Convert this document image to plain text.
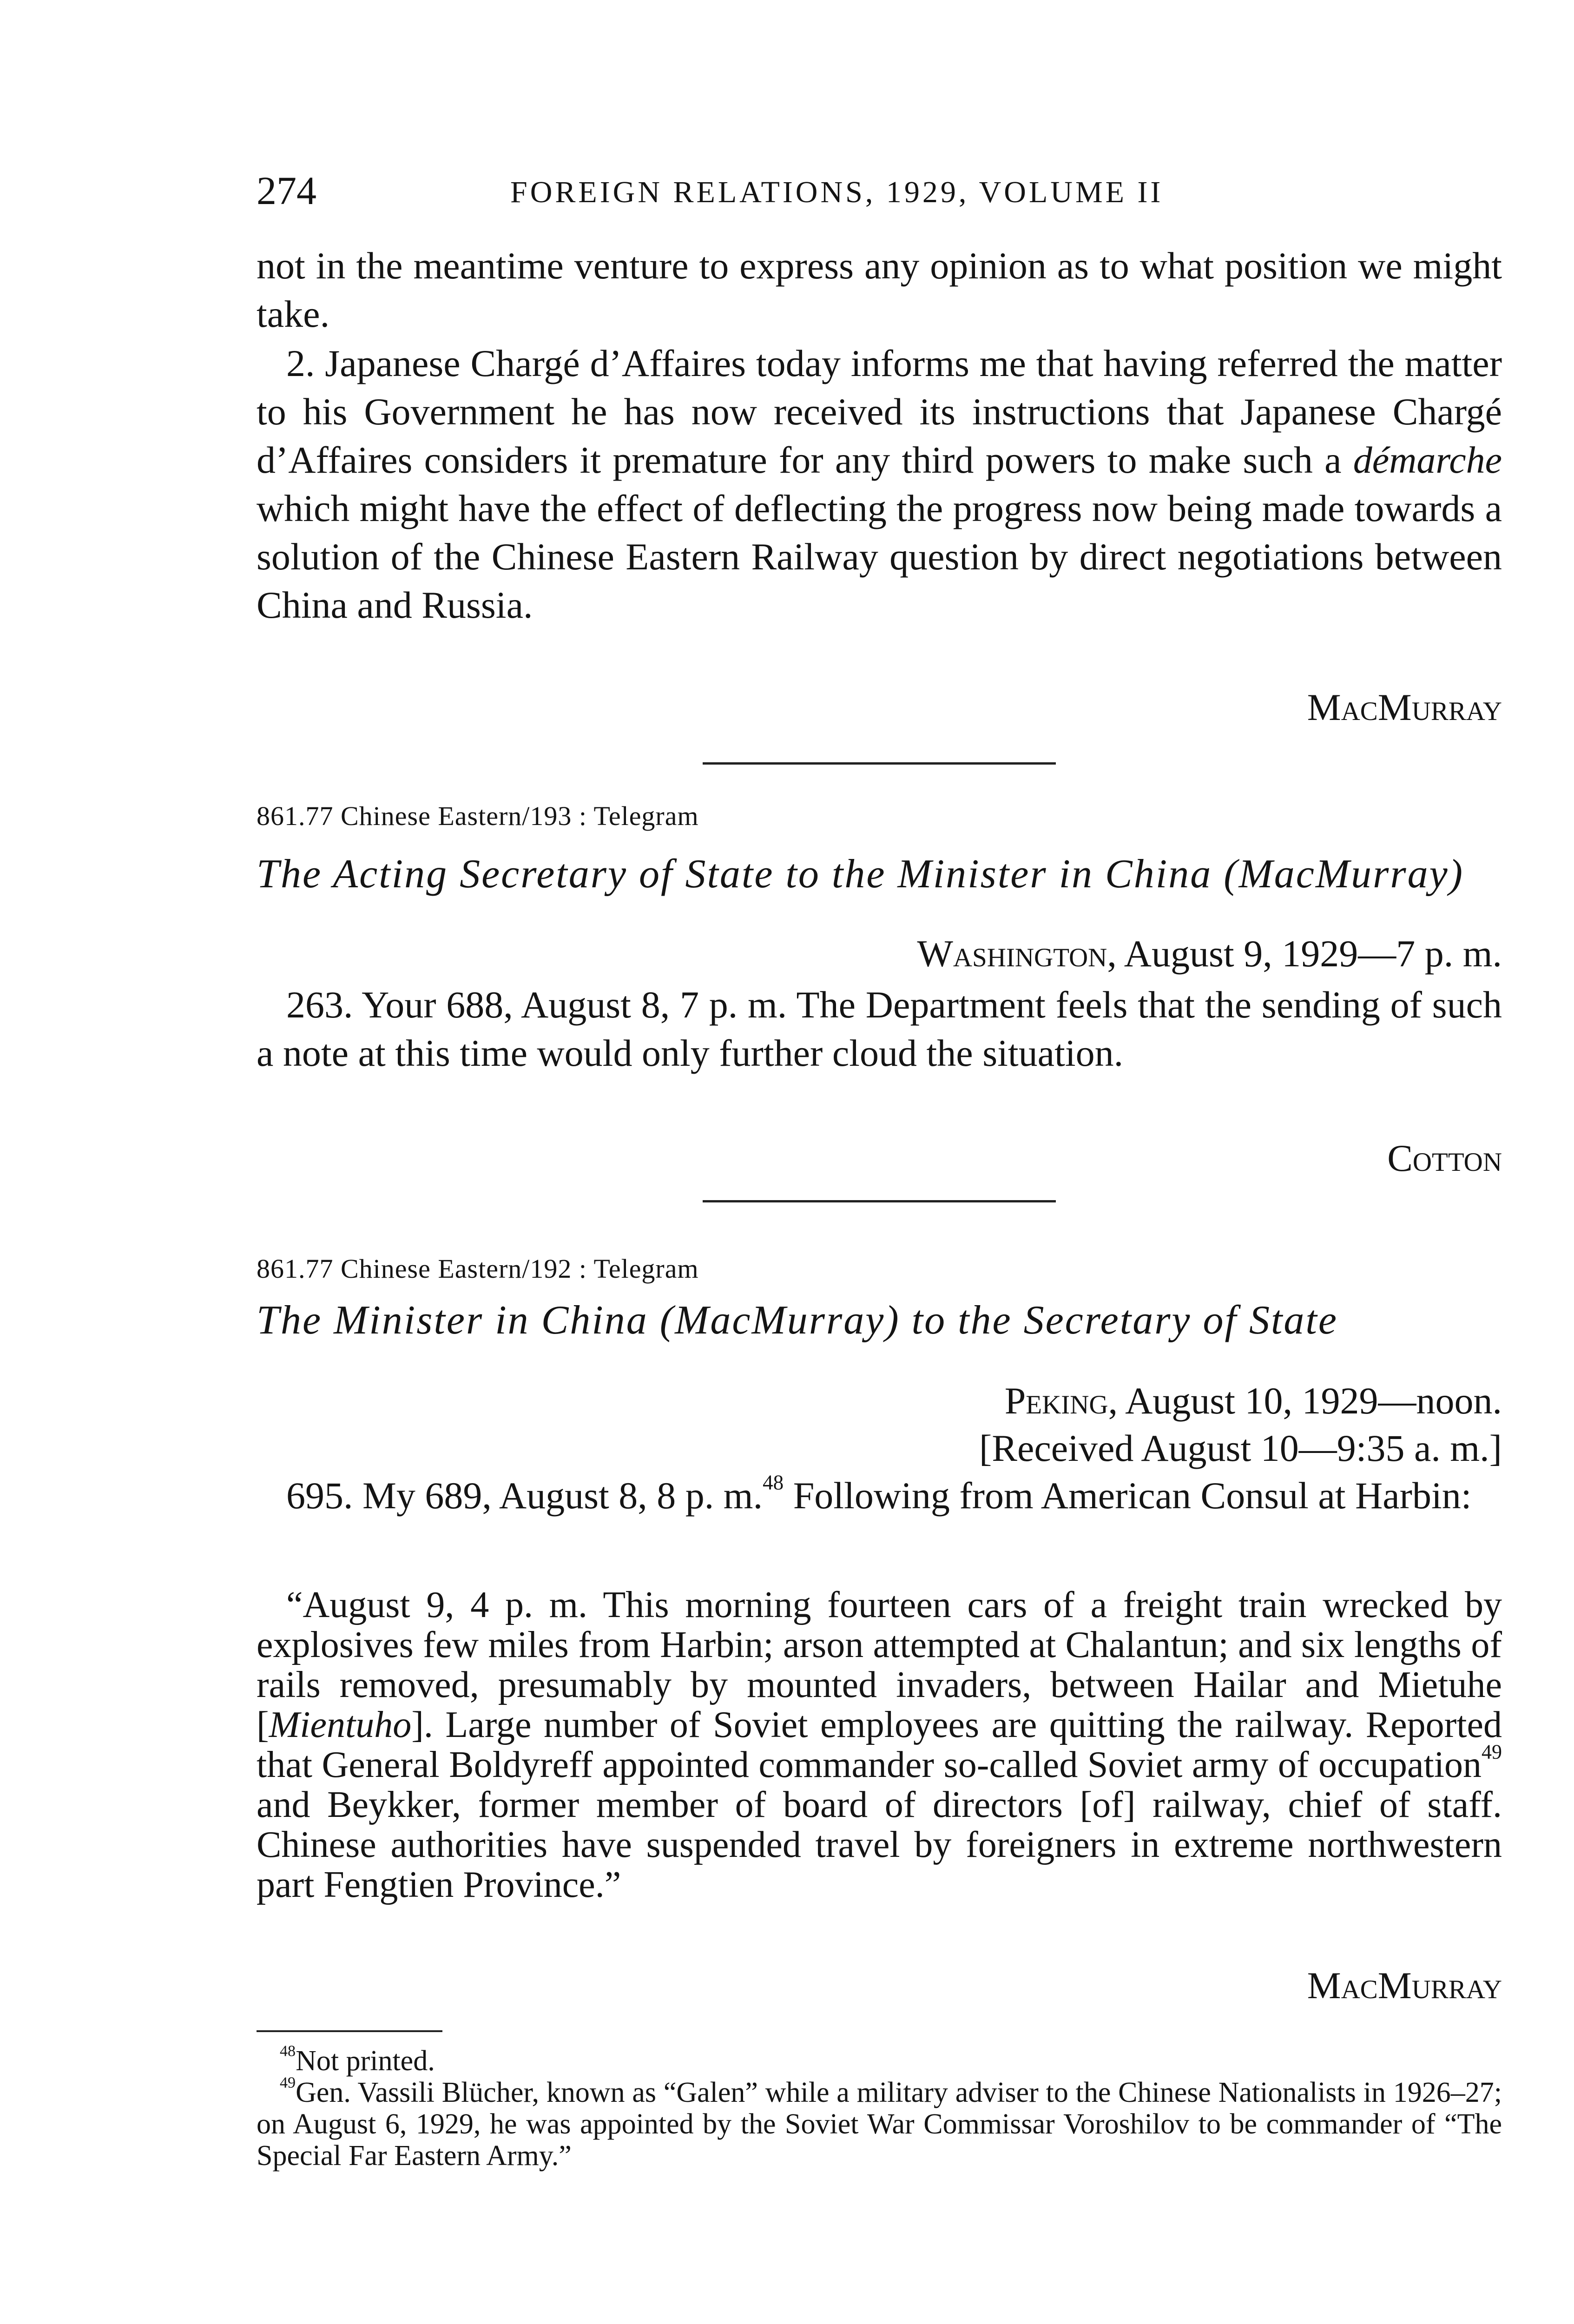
274	FOREIGN RELATIONS, 1929, VOLUME II

not in the meantime venture to express any opinion as to what position we might take.

2. Japanese Chargé d’Affaires today informs me that having referred the matter to his Government he has now received its instructions that Japanese Chargé d’Affaires considers it premature for any third powers to make such a démarche which might have the effect of deflecting the progress now being made towards a solution of the Chinese Eastern Railway question by direct negotiations between China and Russia.

MacMurray

861.77 Chinese Eastern/193 : Telegram

The Acting Secretary of State to the Minister in China (MacMurray)

Washington, August 9, 1929—7 p. m.

263. Your 688, August 8, 7 p. m. The Department feels that the sending of such a note at this time would only further cloud the situation.

Cotton

861.77 Chinese Eastern/192 : Telegram

The Minister in China (MacMurray) to the Secretary of State

Peking, August 10, 1929—noon.

[Received August 10—9:35 a. m.]

695. My 689, August 8, 8 p. m.$^{48}$ Following from American Consul at Harbin:

“August 9, 4 p. m. This morning fourteen cars of a freight train wrecked by explosives few miles from Harbin; arson attempted at Chalantun; and six lengths of rails removed, presumably by mounted invaders, between Hailar and Mietuhe [Mientuho]. Large number of Soviet employees are quitting the railway. Reported that General Boldyreff appointed commander so-called Soviet army of occupation$^{49}$ and Beykker, former member of board of directors [of] railway, chief of staff. Chinese authorities have suspended travel by foreigners in extreme northwestern part Fengtien Province.”

MacMurray

$^{48}$Not printed.

$^{49}$Gen. Vassili Blücher, known as “Galen” while a military adviser to the Chinese Nationalists in 1926–27; on August 6, 1929, he was appointed by the Soviet War Commissar Voroshilov to be commander of “The Special Far Eastern Army.”
